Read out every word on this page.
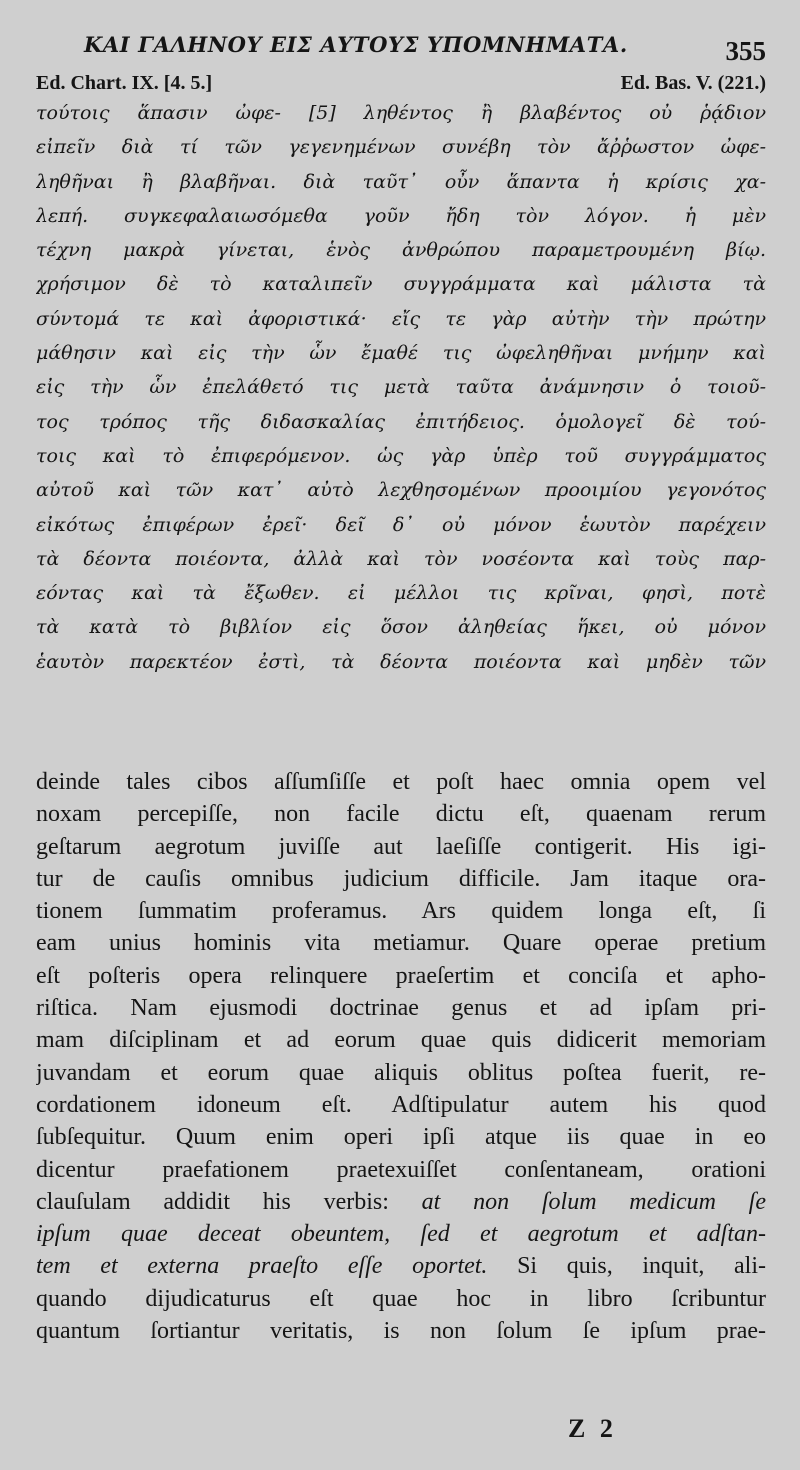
ΚΑΙ ΓΑΛΗΝΟΥ ΕΙΣ ΑΥΤΟΥΣ ΥΠΟΜΝΗΜΑΤΑ.	355
Ed. Chart. IX. [4. 5.]	Ed. Bas. V. (221.)
τούτοις ἅπασιν ὠφε- [5] ληθέντος ἢ βλαβέντος οὐ ῥᾴδιον
εἰπεῖν διὰ τί τῶν γεγενημένων συνέβη τὸν ἄῤῥωστον ὠφε-
ληθῆναι ἢ βλαβῆναι. διὰ ταῦτ᾽ οὖν ἅπαντα ἡ κρίσις χα-
λεπή. συγκεφαλαιωσόμεθα γοῦν ἤδη τὸν λόγον. ἡ μὲν
τέχνη μακρὰ γίνεται, ἑνὸς ἀνθρώπου παραμετρουμένη βίῳ.
χρήσιμον δὲ τὸ καταλιπεῖν συγγράμματα καὶ μάλιστα τὰ
σύντομά τε καὶ ἀφοριστικά· εἴς τε γὰρ αὐτὴν τὴν πρώτην
μάθησιν καὶ εἰς τὴν ὧν ἔμαθέ τις ὠφεληθῆναι μνήμην καὶ
εἰς τὴν ὧν ἐπελάθετό τις μετὰ ταῦτα ἀνάμνησιν ὁ τοιοῦ-
τος τρόπος τῆς διδασκαλίας ἐπιτήδειος. ὁμολογεῖ δὲ τού-
τοις καὶ τὸ ἐπιφερόμενον. ὡς γὰρ ὑπὲρ τοῦ συγγράμματος
αὐτοῦ καὶ τῶν κατ᾽ αὐτὸ λεχθησομένων προοιμίου γεγονότος
εἰκότως ἐπιφέρων ἐρεῖ· δεῖ δ᾽ οὐ μόνον ἑωυτὸν παρέχειν
τὰ δέοντα ποιέοντα, ἀλλὰ καὶ τὸν νοσέοντα καὶ τοὺς παρ-
εόντας καὶ τὰ ἔξωθεν. εἰ μέλλοι τις κρῖναι, φησὶ, ποτὲ
τὰ κατὰ τὸ βιβλίον εἰς ὅσον ἀληθείας ἥκει, οὐ μόνον
ἑαυτὸν παρεκτέον ἐστὶ, τὰ δέοντα ποιέοντα καὶ μηδὲν τῶν
deinde tales cibos aſſumſiſſe et poſt haec omnia opem vel
noxam percepiſſe, non facile dictu eſt, quaenam rerum
geſtarum aegrotum juviſſe aut laeſiſſe contigerit. His igi-
tur de cauſis omnibus judicium difficile. Jam itaque ora-
tionem ſummatim proferamus. Ars quidem longa eſt, ſi
eam unius hominis vita metiamur. Quare operae pretium
eſt poſteris opera relinquere praeſertim et conciſa et apho-
riſtica. Nam ejusmodi doctrinae genus et ad ipſam pri-
mam diſciplinam et ad eorum quae quis didicerit memoriam
juvandam et eorum quae aliquis oblitus poſtea fuerit, re-
cordationem idoneum eſt. Adſtipulatur autem his quod
ſubſequitur. Quum enim operi ipſi atque iis quae in eo
dicentur praefationem praetexuiſſet conſentaneam, orationi
clauſulam addidit his verbis: at non ſolum medicum ſe
ipſum quae deceat obeuntem, ſed et aegrotum et adſtan-
tem et externa praeſto eſſe oportet. Si quis, inquit, ali-
quando dijudicaturus eſt quae hoc in libro ſcribuntur
quantum ſortiantur veritatis, is non ſolum ſe ipſum prae-
Z 2
